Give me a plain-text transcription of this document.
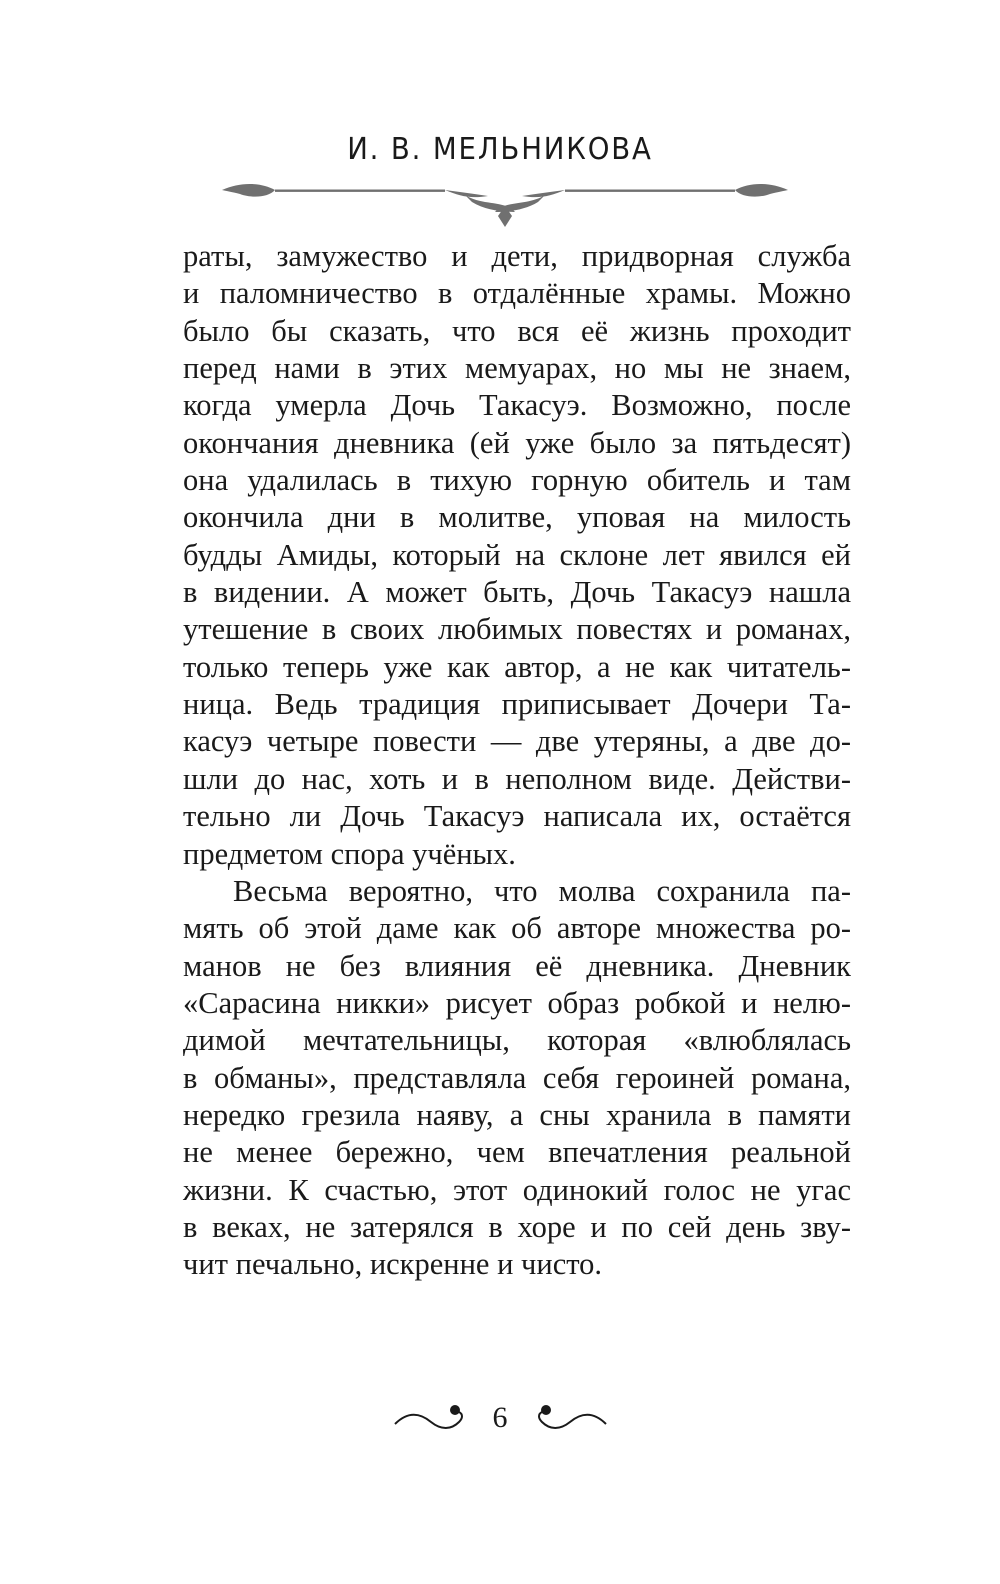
И. В. МЕЛЬНИКОВА
раты, замужество и дети, придворная служба
и паломничество в отдалённые храмы. Можно
было бы сказать, что вся её жизнь проходит
перед нами в этих мемуарах, но мы не знаем,
когда умерла Дочь Такасуэ. Возможно, после
окончания дневника (ей уже было за пятьдесят)
она удалилась в тихую горную обитель и там
окончила дни в молитве, уповая на милость
будды Амиды, который на склоне лет явился ей
в видении. А может быть, Дочь Такасуэ нашла
утешение в своих любимых повестях и романах,
только теперь уже как автор, а не как читатель-
ница. Ведь традиция приписывает Дочери Та-
касуэ четыре повести — две утеряны, а две до-
шли до нас, хоть и в неполном виде. Действи-
тельно ли Дочь Такасуэ написала их, остаётся
предметом спора учёных.
Весьма вероятно, что молва сохранила па-
мять об этой даме как об авторе множества ро-
манов не без влияния её дневника. Дневник
«Сарасина никки» рисует образ робкой и нелю-
димой мечтательницы, которая «влюблялась
в обманы», представляла себя героиней романа,
нередко грезила наяву, а сны хранила в памяти
не менее бережно, чем впечатления реальной
жизни. К счастью, этот одинокий голос не угас
в веках, не затерялся в хоре и по сей день зву-
чит печально, искренне и чисто.
6
